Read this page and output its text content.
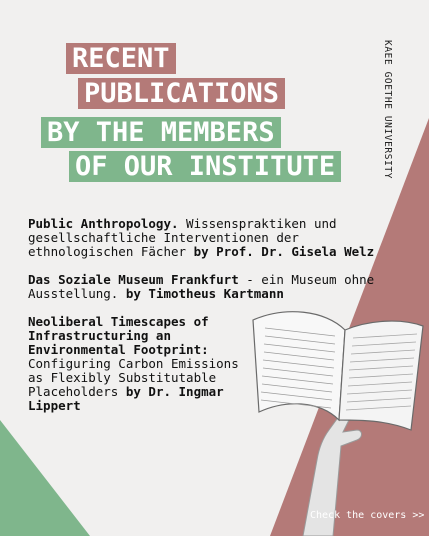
RECENT
PUBLICATIONS
BY THE MEMBERS
OF OUR INSTITUTE	KAEE GOETHE UNIVERSITY
Public Anthropology. Wissenspraktiken und gesellschaftliche Interventionen der ethnologischen Fächer by Prof. Dr. Gisela Welz
Das Soziale Museum Frankfurt - ein Museum ohne Ausstellung. by Timotheus Kartmann
Neoliberal Timescapes of Infrastructuring an Environmental Footprint: Configuring Carbon Emissions as Flexibly Substitutable Placeholders by Dr. Ingmar Lippert
Check the covers >>
